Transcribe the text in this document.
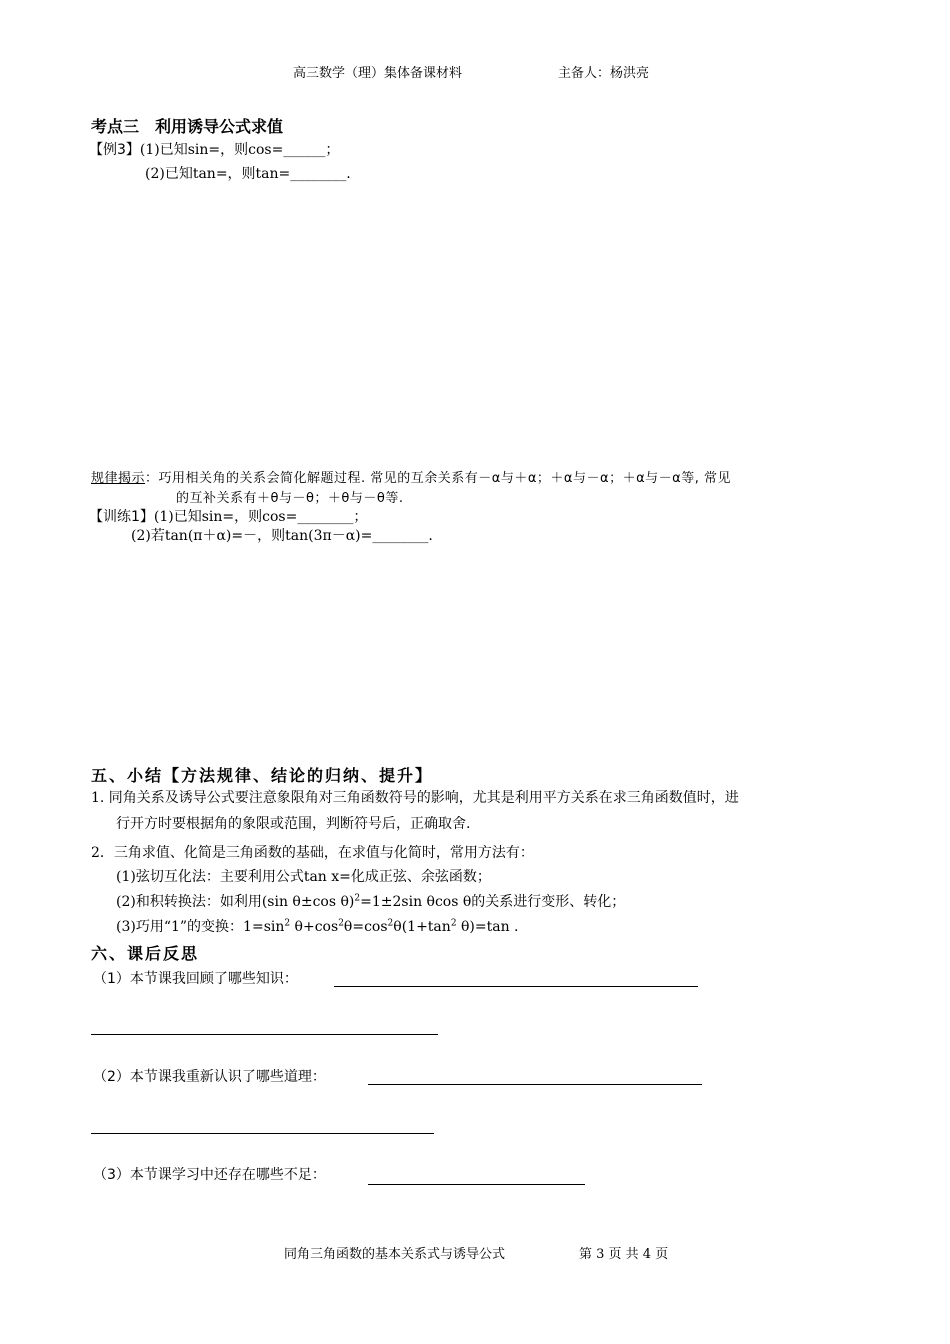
高三数学（理）集体备课材料	主备人：杨洪亮
考点三　利用诱导公式求值
【例3】(1)已知sin=，则cos=______；
(2)已知tan=，则tan=________.
规律揭示：巧用相关角的关系会简化解题过程. 常见的互余关系有－α与＋α；＋α与－α；＋α与－α等, 常见
的互补关系有＋θ与－θ；＋θ与－θ等.
【训练1】(1)已知sin=，则cos=________；
(2)若tan(π＋α)=－，则tan(3π－α)=________.
五、小结【方法规律、结论的归纳、提升】
1. 同角关系及诱导公式要注意象限角对三角函数符号的影响，尤其是利用平方关系在求三角函数值时，进
行开方时要根据角的象限或范围，判断符号后，正确取舍.
2．三角求值、化简是三角函数的基础，在求值与化简时，常用方法有：
(1)弦切互化法：主要利用公式tan x=化成正弦、余弦函数；
(2)和积转换法：如利用(sin θ±cos θ)$^2$=1±2sin θcos θ的关系进行变形、转化；
(3)巧用“1”的变换：$1=\sin^2$ $\theta+\cos^2\theta=\cos^2\theta(1+\tan^2$ θ)=tan .
六、课后反思
（1）本节课我回顾了哪些知识：
（2）本节课我重新认识了哪些道理：
（3）本节课学习中还存在哪些不足：
同角三角函数的基本关系式与诱导公式	第 3 页 共 4 页
